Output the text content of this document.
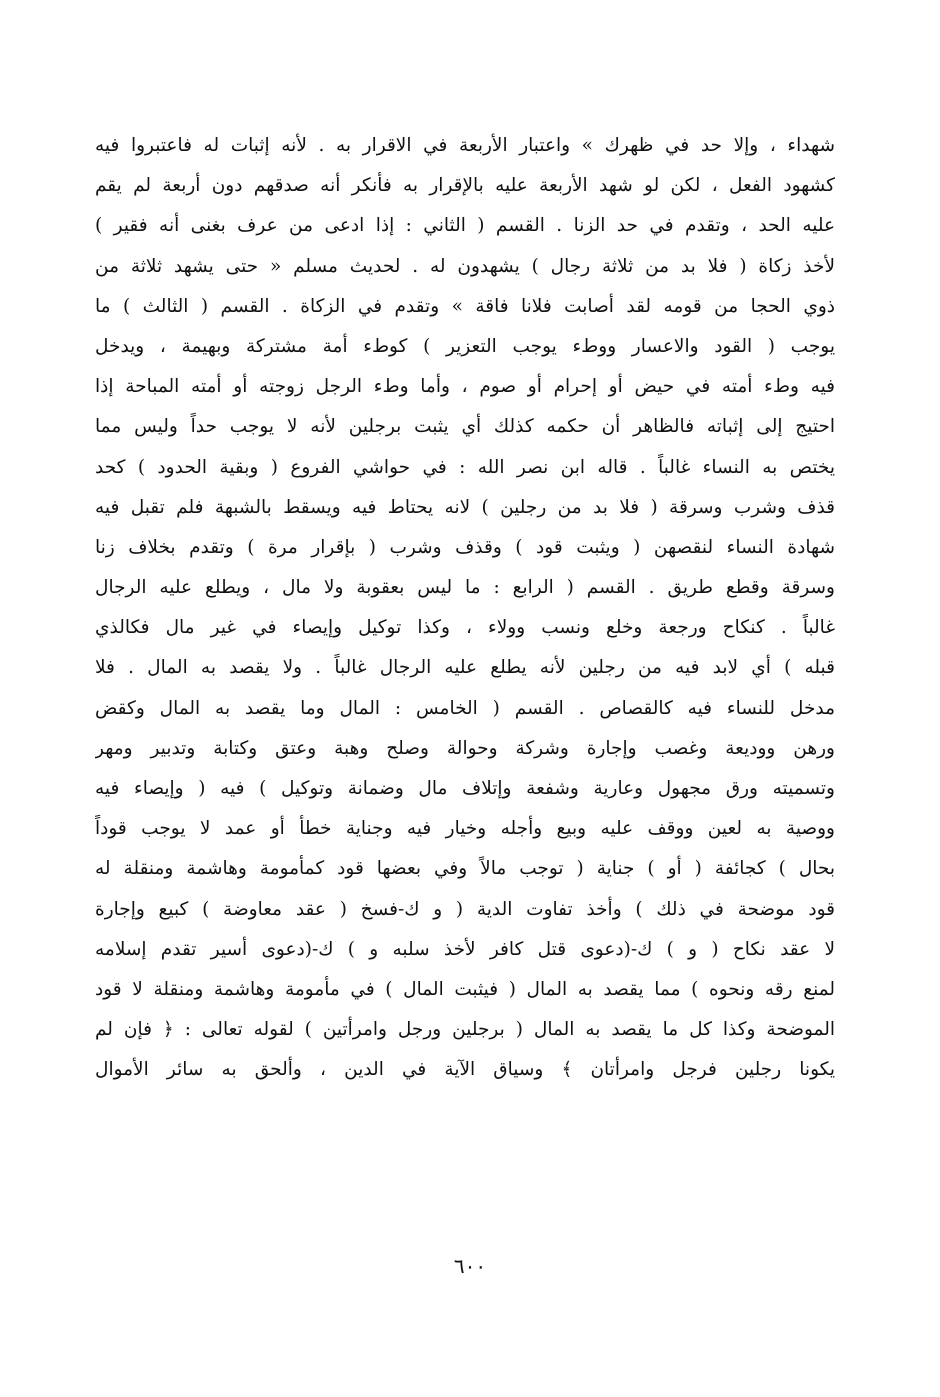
شهداء ، وإلا حد في ظهرك » واعتبار الأربعة في الاقرار به . لأنه إثبات له فاعتبروا فيه
كشهود الفعل ، لكن لو شهد الأربعة عليه بالإقرار به فأنكر أنه صدقهم دون أربعة لم يقم
عليه الحد ، وتقدم في حد الزنا . القسم ( الثاني : إذا ادعى من عرف بغنى أنه فقير )
لأخذ زكاة ( فلا بد من ثلاثة رجال ) يشهدون له . لحديث مسلم « حتى يشهد ثلاثة من
ذوي الحجا من قومه لقد أصابت فلانا فاقة » وتقدم في الزكاة . القسم ( الثالث ) ما
يوجب ( القود والاعسار ووطء يوجب التعزير ) كوطء أمة مشتركة وبهيمة ، ويدخل
فيه وطء أمته في حيض أو إحرام أو صوم ، وأما وطء الرجل زوجته أو أمته المباحة إذا
احتيج إلى إثباته فالظاهر أن حكمه كذلك أي يثبت برجلين لأنه لا يوجب حداً وليس مما
يختص به النساء غالباً . قاله ابن نصر الله : في حواشي الفروع ( وبقية الحدود ) كحد
قذف وشرب وسرقة ( فلا بد من رجلين ) لانه يحتاط فيه ويسقط بالشبهة فلم تقبل فيه
شهادة النساء لنقصهن ( ويثبت قود ) وقذف وشرب ( بإقرار مرة ) وتقدم بخلاف زنا
وسرقة وقطع طريق . القسم ( الرابع : ما ليس بعقوبة ولا مال ، ويطلع عليه الرجال
غالباً . كنكاح ورجعة وخلع ونسب وولاء ، وكذا توكيل وإيصاء في غير مال فكالذي
قبله ) أي لابد فيه من رجلين لأنه يطلع عليه الرجال غالباً . ولا يقصد به المال . فلا
مدخل للنساء فيه كالقصاص . القسم ( الخامس : المال وما يقصد به المال وكقض
ورهن ووديعة وغصب وإجارة وشركة وحوالة وصلح وهبة وعتق وكتابة وتدبير ومهر
وتسميته ورق مجهول وعارية وشفعة وإتلاف مال وضمانة وتوكيل ) فيه ( وإيصاء فيه
ووصية به لعين ووقف عليه وبيع وأجله وخيار فيه وجناية خطأ أو عمد لا يوجب قوداً
بحال ) كجائفة ( أو ) جناية ( توجب مالاً وفي بعضها قود كمأمومة وهاشمة ومنقلة له
قود موضحة في ذلك ) وأخذ تفاوت الدية ( و ك-فسخ ( عقد معاوضة ) كبيع وإجارة
لا عقد نكاح ( و ) ك-(دعوى قتل كافر لأخذ سلبه و ) ك-(دعوى أسير تقدم إسلامه
لمنع رقه ونحوه ) مما يقصد به المال ( فيثبت المال ) في مأمومة وهاشمة ومنقلة لا قود
الموضحة وكذا كل ما يقصد به المال ( برجلين ورجل وامرأتين ) لقوله تعالى : ﴿ فإن لم
يكونا رجلين فرجل وامرأتان ﴾ وسياق الآية في الدين ، وألحق به سائر الأموال
٦٠٠
